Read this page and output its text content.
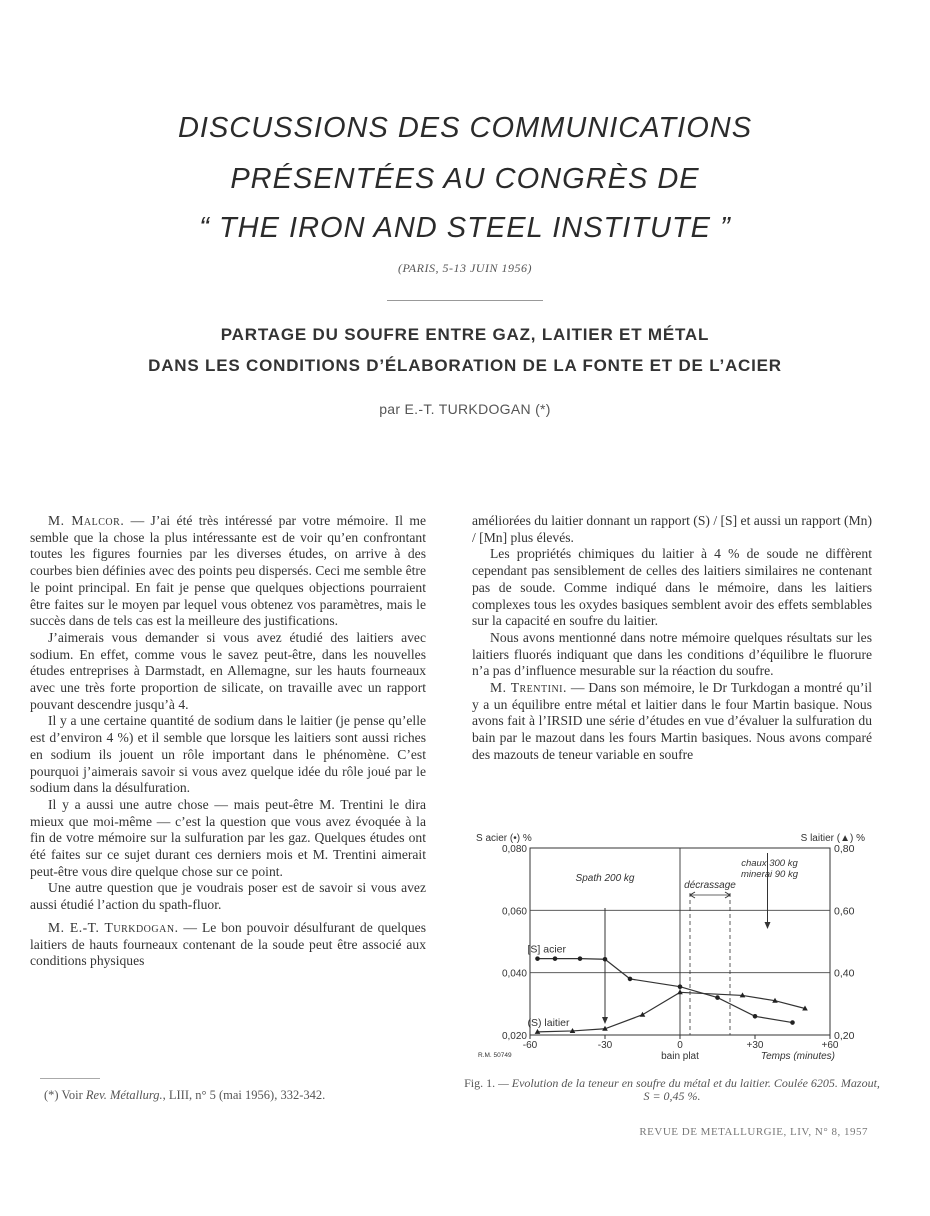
DISCUSSIONS DES COMMUNICATIONS
PRÉSENTÉES AU CONGRÈS DE
“ THE IRON AND STEEL INSTITUTE ”
(PARIS, 5-13 JUIN 1956)
PARTAGE DU SOUFRE ENTRE GAZ, LAITIER ET MÉTAL
DANS LES CONDITIONS D’ÉLABORATION DE LA FONTE ET DE L’ACIER
par E.-T. TURKDOGAN (*)

M. Malcor. — J’ai été très intéressé par votre mémoire. Il me semble que la chose la plus intéressante est de voir qu’en confrontant toutes les figures fournies par les diverses études, on arrive à des courbes bien définies avec des points peu dispersés. Ceci me semble être le point principal. En fait je pense que quelques objections pourraient être faites sur le moyen par lequel vous obtenez vos paramètres, mais le succès dans de tels cas est la meilleure des justifications.

J’aimerais vous demander si vous avez étudié des laitiers avec sodium. En effet, comme vous le savez peut-être, dans les nouvelles études entreprises à Darmstadt, en Allemagne, sur les hauts fourneaux avec une très forte proportion de silicate, on travaille avec un rapport pouvant descendre jusqu’à 4.

Il y a une certaine quantité de sodium dans le laitier (je pense qu’elle est d’environ 4 %) et il semble que lorsque les laitiers sont aussi riches en sodium ils jouent un rôle important dans le phénomène. C’est pourquoi j’aimerais savoir si vous avez quelque idée du rôle joué par le sodium dans la désulfuration.

Il y a aussi une autre chose — mais peut-être M. Trentini le dira mieux que moi-même — c’est la question que vous avez évoquée à la fin de votre mémoire sur la sulfuration par les gaz. Quelques études ont été faites sur ce sujet durant ces derniers mois et M. Trentini aimerait peut-être vous dire quelque chose sur ce point.

Une autre question que je voudrais poser est de savoir si vous avez aussi étudié l’action du spath-fluor.

M. E.-T. Turkdogan. — Le bon pouvoir désulfurant de quelques laitiers de hauts fourneaux contenant de la soude peut être associé aux conditions physiques

améliorées du laitier donnant un rapport (S) / [S] et aussi un rapport (Mn) / [Mn] plus élevés.

Les propriétés chimiques du laitier à 4 % de soude ne diffèrent cependant pas sensiblement de celles des laitiers similaires ne contenant pas de soude. Comme indiqué dans le mémoire, dans les laitiers complexes tous les oxydes basiques semblent avoir des effets semblables sur la capacité en soufre du laitier.

Nous avons mentionné dans notre mémoire quelques résultats sur les laitiers fluorés indiquant que dans les conditions d’équilibre le fluorure n’a pas d’influence mesurable sur la réaction du soufre.

M. Trentini. — Dans son mémoire, le Dr Turkdogan a montré qu’il y a un équilibre entre métal et laitier dans le four Martin basique. Nous avons fait à l’IRSID une série d’études en vue d’évaluer la sulfuration du bain par le mazout dans les fours Martin basiques. Nous avons comparé des mazouts de teneur variable en soufre

0,020	0,20
0,040	0,40
0,060	0,60
0,080	0,80
-60	-30	0	+30	+60
S acier (•) %	S laitier (▲) %
Temps (minutes)
R.M. 50749	bain plat
Spath 200 kg
décrassage
chaux 300 kg
minerai 90 kg
[S] acier
(S) laitier
Fig. 1. — Evolution de la teneur en soufre du métal et du laitier. Coulée 6205. Mazout, S = 0,45 %.
(*) Voir Rev. Métallurg., LIII, n° 5 (mai 1956), 332-342.
REVUE DE METALLURGIE, LIV, N° 8, 1957
